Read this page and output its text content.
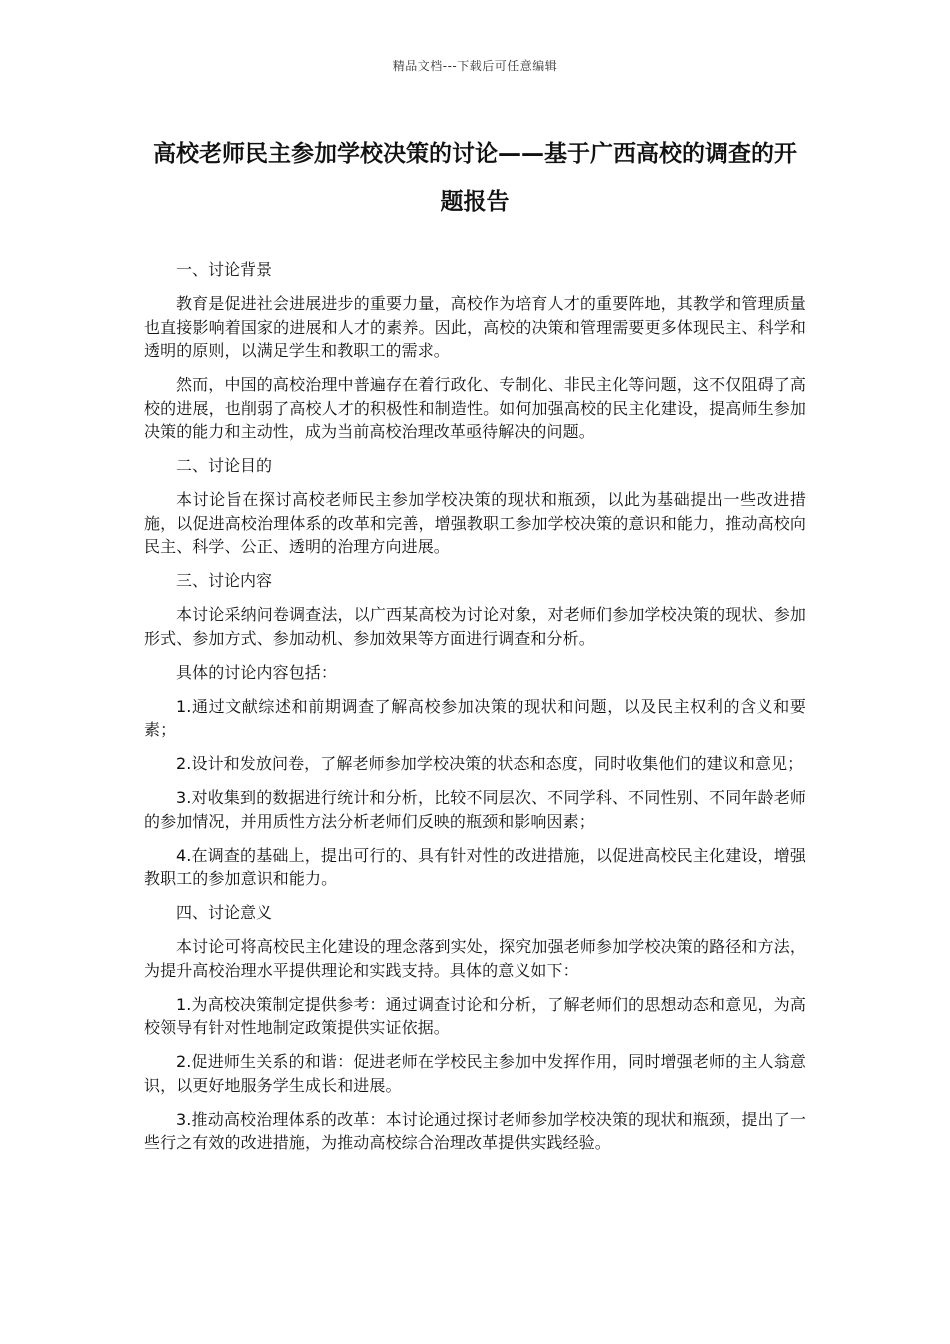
精品文档---下载后可任意编辑
高校老师民主参加学校决策的讨论——基于广西高校的调查的开题报告

一、讨论背景

教育是促进社会进展进步的重要力量，高校作为培育人才的重要阵地，其教学和管理质量也直接影响着国家的进展和人才的素养。因此，高校的决策和管理需要更多体现民主、科学和透明的原则，以满足学生和教职工的需求。

然而，中国的高校治理中普遍存在着行政化、专制化、非民主化等问题，这不仅阻碍了高校的进展，也削弱了高校人才的积极性和制造性。如何加强高校的民主化建设，提高师生参加决策的能力和主动性，成为当前高校治理改革亟待解决的问题。

二、讨论目的

本讨论旨在探讨高校老师民主参加学校决策的现状和瓶颈，以此为基础提出一些改进措施，以促进高校治理体系的改革和完善，增强教职工参加学校决策的意识和能力，推动高校向民主、科学、公正、透明的治理方向进展。

三、讨论内容

本讨论采纳问卷调查法，以广西某高校为讨论对象，对老师们参加学校决策的现状、参加形式、参加方式、参加动机、参加效果等方面进行调查和分析。

具体的讨论内容包括：

1.通过文献综述和前期调查了解高校参加决策的现状和问题，以及民主权利的含义和要素；

2.设计和发放问卷，了解老师参加学校决策的状态和态度，同时收集他们的建议和意见；

3.对收集到的数据进行统计和分析，比较不同层次、不同学科、不同性别、不同年龄老师的参加情况，并用质性方法分析老师们反映的瓶颈和影响因素；

4.在调查的基础上，提出可行的、具有针对性的改进措施，以促进高校民主化建设，增强教职工的参加意识和能力。

四、讨论意义

本讨论可将高校民主化建设的理念落到实处，探究加强老师参加学校决策的路径和方法，为提升高校治理水平提供理论和实践支持。具体的意义如下：

1.为高校决策制定提供参考：通过调查讨论和分析，了解老师们的思想动态和意见，为高校领导有针对性地制定政策提供实证依据。

2.促进师生关系的和谐：促进老师在学校民主参加中发挥作用，同时增强老师的主人翁意识，以更好地服务学生成长和进展。

3.推动高校治理体系的改革：本讨论通过探讨老师参加学校决策的现状和瓶颈，提出了一些行之有效的改进措施，为推动高校综合治理改革提供实践经验。
